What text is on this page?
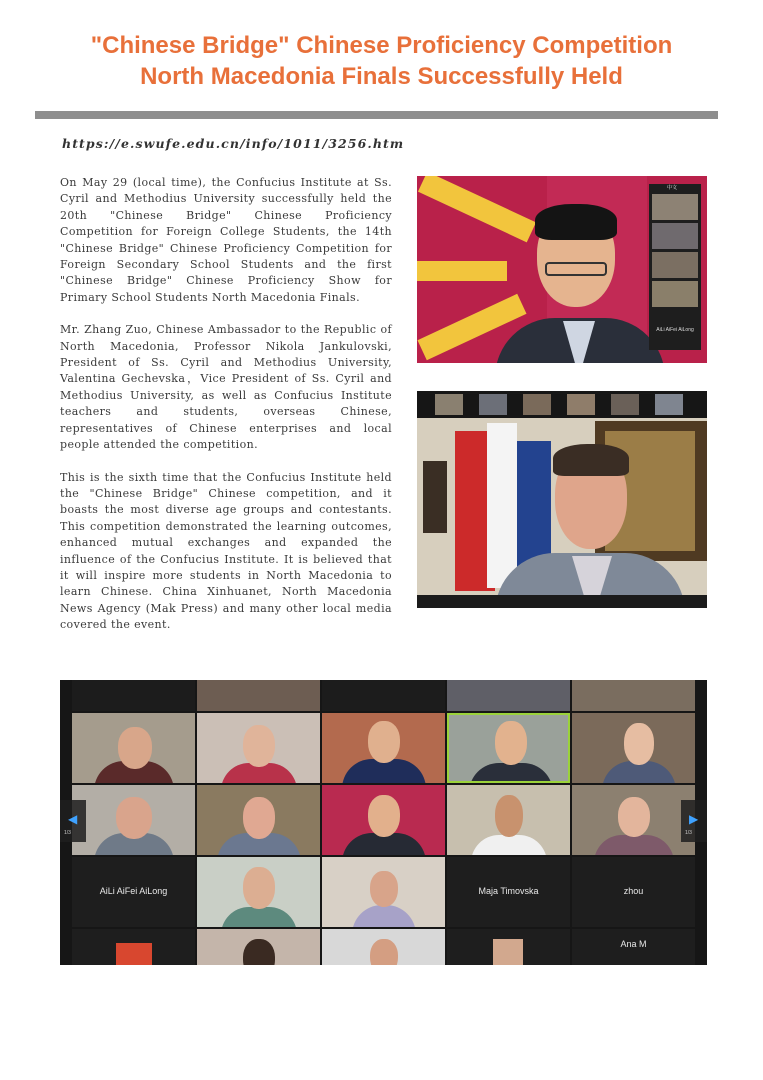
"Chinese Bridge" Chinese Proficiency Competition
North Macedonia Finals Successfully Held
https://e.swufe.edu.cn/info/1011/3256.htm

On May 29 (local time), the Confucius Institute at Ss. Cyril and Methodius University successfully held the 20th "Chinese Bridge" Chinese Proficiency Competition for Foreign College Students, the 14th "Chinese Bridge" Chinese Proficiency Competition for Foreign Secondary School Students and the first "Chinese Bridge" Chinese Proficiency Show for Primary School Students North Macedonia Finals.

Mr. Zhang Zuo, Chinese Ambassador to the Republic of North Macedonia, Professor Nikola Jankulovski, President of Ss. Cyril and Methodius University, Valentina Gechevska，Vice President of Ss. Cyril and Methodius University, as well as Confucius Institute teachers and students, overseas Chinese, representatives of Chinese enterprises and local people attended the competition.

This is the sixth time that the Confucius Institute held the "Chinese Bridge" Chinese competition, and it boasts the most diverse age groups and contestants. This competition demonstrated the learning outcomes, enhanced mutual exchanges and expanded the influence of the Confucius Institute. It is believed that it will inspire more students in North Macedonia to learn Chinese. China Xinhuanet, North Macedonia News Agency (Mak Press) and many other local media covered the event.

中文
AiLi AiFei AiLong
AiLi AiFei AiLong	Maja Timovska	zhou
Ana M
◀
1/3
▶
1/3
